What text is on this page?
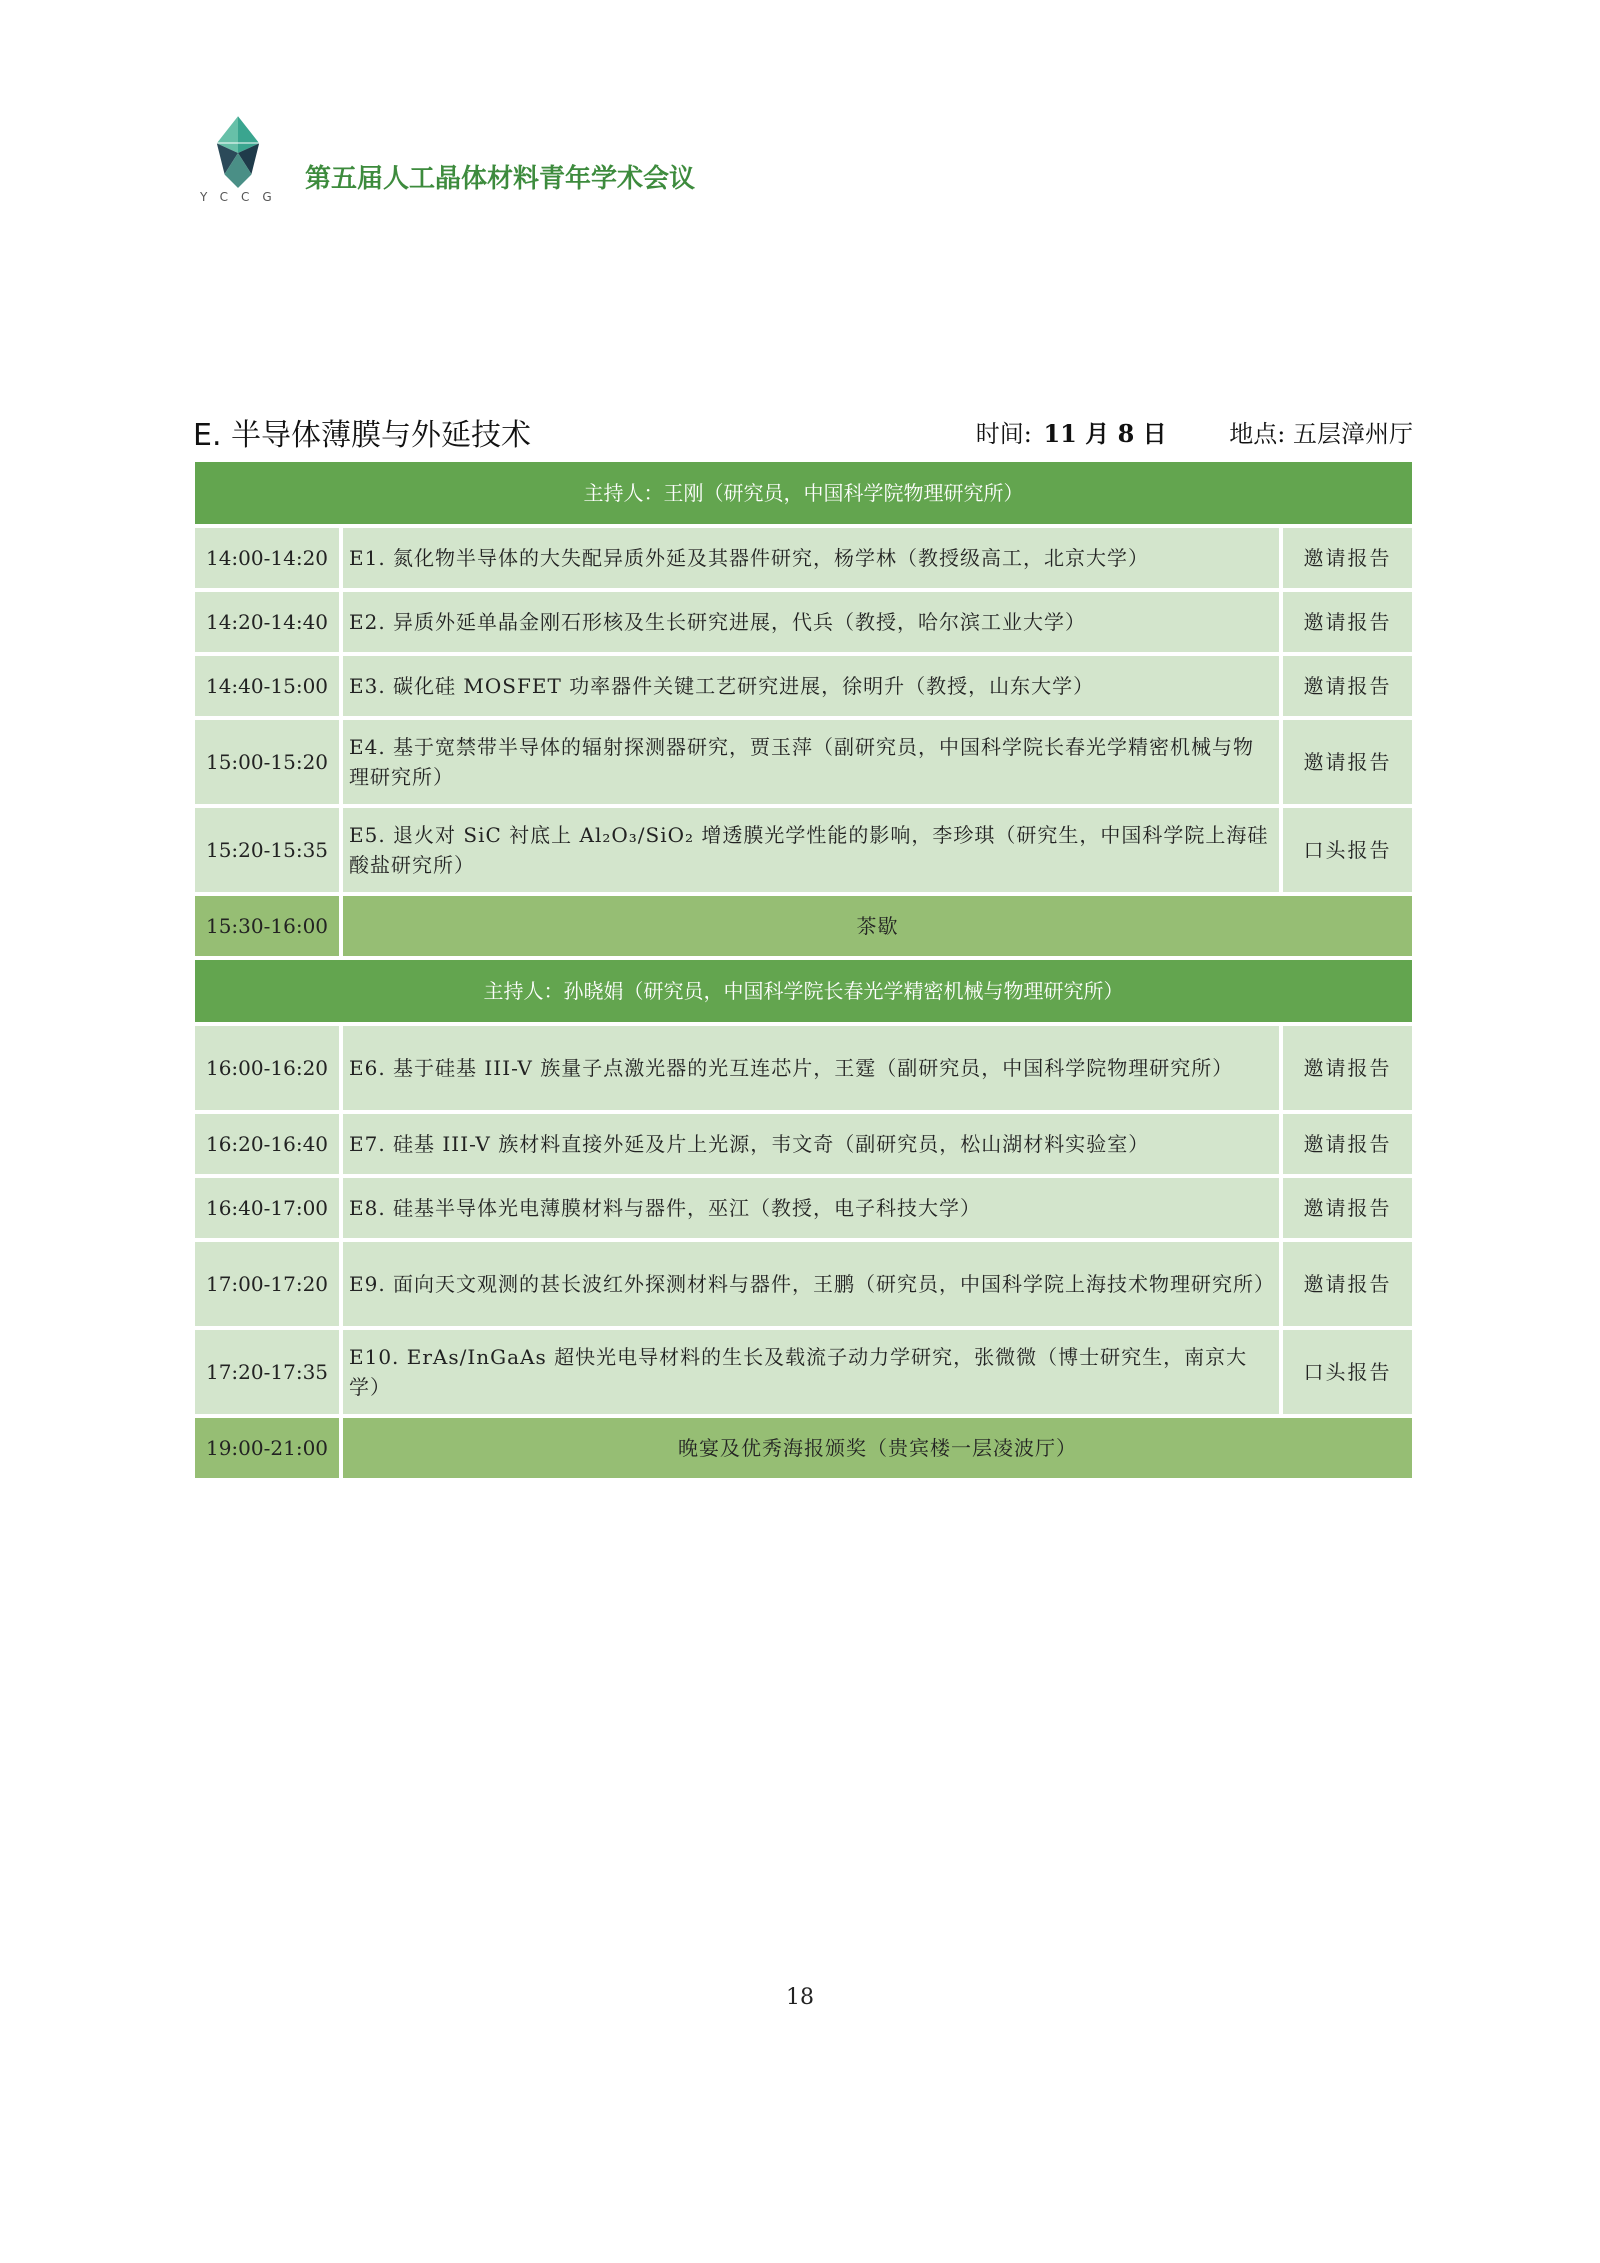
YCCG
第五届人工晶体材料青年学术会议
E. 半导体薄膜与外延技术	时间: 11 月 8 日	地点: 五层漳州厅
主持人：王刚（研究员，中国科学院物理研究所）		
14:00-14:20	E1. 氮化物半导体的大失配异质外延及其器件研究，杨学林（教授级高工，北京大学）	邀请报告
14:20-14:40	E2. 异质外延单晶金刚石形核及生长研究进展，代兵（教授，哈尔滨工业大学）	邀请报告
14:40-15:00	E3. 碳化硅 MOSFET 功率器件关键工艺研究进展，徐明升（教授，山东大学）	邀请报告
15:00-15:20	E4. 基于宽禁带半导体的辐射探测器研究，贾玉萍（副研究员，中国科学院长春光学精密机械与物理研究所）	邀请报告
15:20-15:35	E5. 退火对 SiC 衬底上 Al₂O₃/SiO₂ 增透膜光学性能的影响，李珍琪（研究生，中国科学院上海硅酸盐研究所）	口头报告
15:30-16:00	茶歇	
主持人：孙晓娟（研究员，中国科学院长春光学精密机械与物理研究所）		
16:00-16:20	E6. 基于硅基 III-V 族量子点激光器的光互连芯片，王霆（副研究员，中国科学院物理研究所）	邀请报告
16:20-16:40	E7. 硅基 III-V 族材料直接外延及片上光源，韦文奇（副研究员，松山湖材料实验室）	邀请报告
16:40-17:00	E8. 硅基半导体光电薄膜材料与器件，巫江（教授，电子科技大学）	邀请报告
17:00-17:20	E9. 面向天文观测的甚长波红外探测材料与器件，王鹏（研究员，中国科学院上海技术物理研究所）	邀请报告
17:20-17:35	E10. ErAs/InGaAs 超快光电导材料的生长及载流子动力学研究，张微微（博士研究生，南京大学）	口头报告
19:00-21:00	晚宴及优秀海报颁奖（贵宾楼一层凌波厅）	
18
